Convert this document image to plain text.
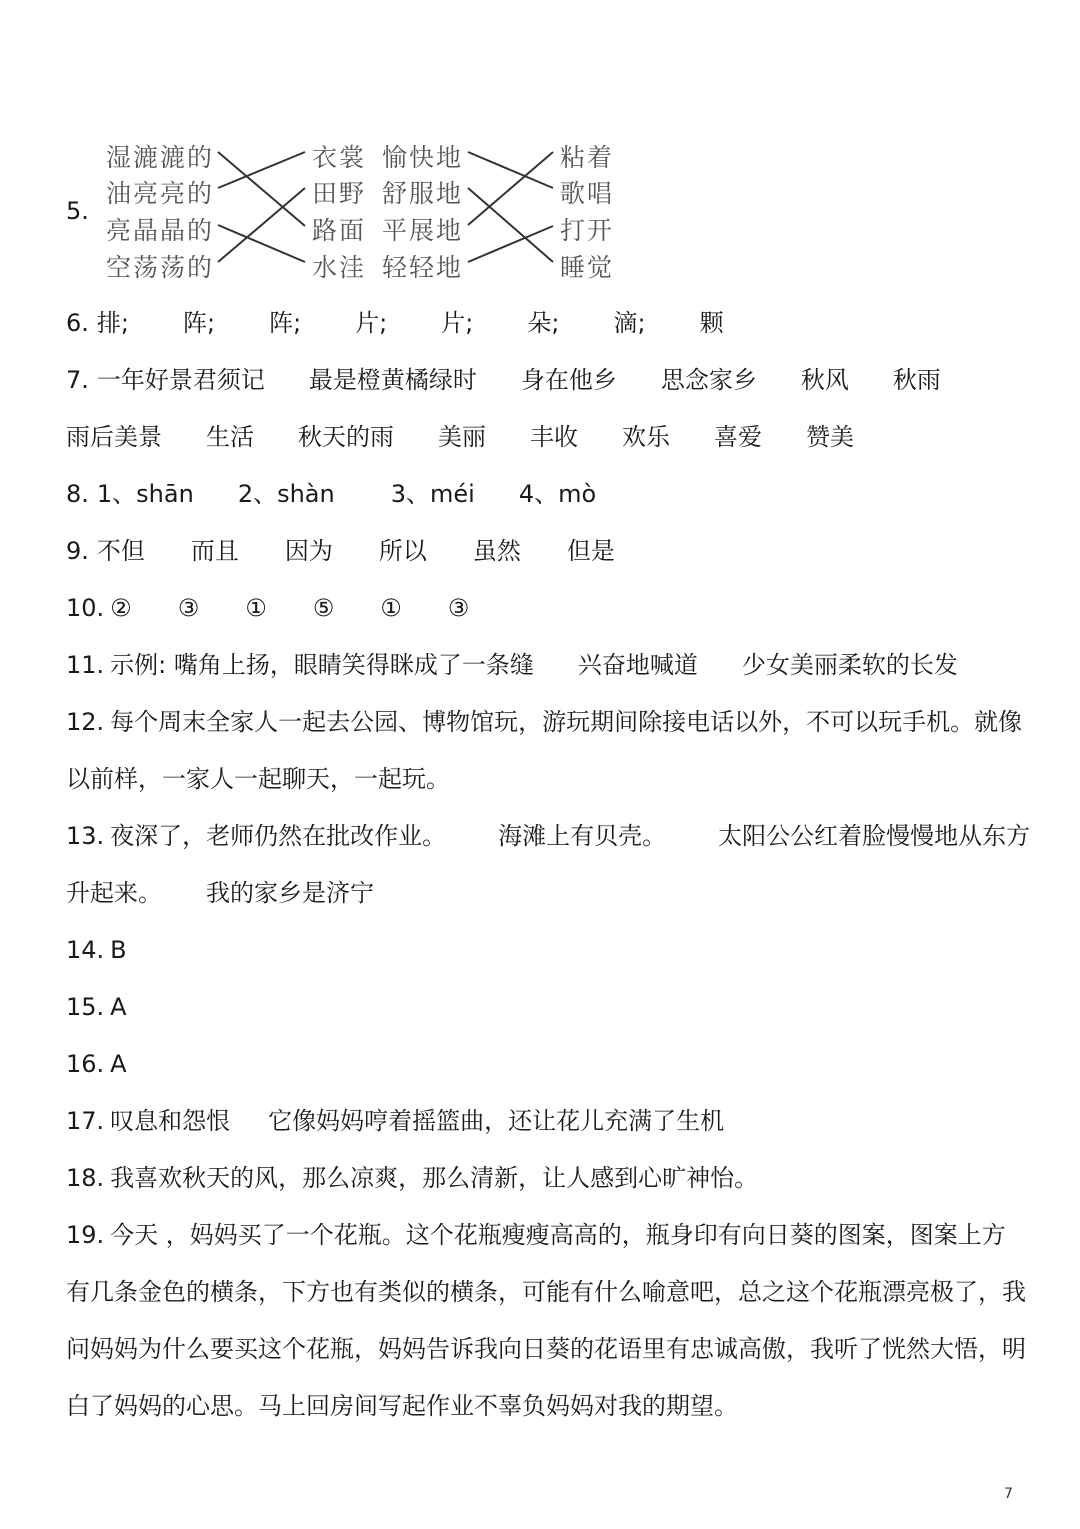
5.
湿漉漉的
油亮亮的
亮晶晶的
空荡荡的
衣裳
田野
路面
水洼
愉快地
舒服地
平展地
轻轻地
粘着
歌唱
打开
睡觉
6. 排; 阵; 阵; 片; 片; 朵; 滴; 颗
7. 一年好景君须记 最是橙黄橘绿时 身在他乡 思念家乡 秋风 秋雨
雨后美景 生活 秋天的雨 美丽 丰收 欢乐 喜爱 赞美
8. 1、shān 2、shàn 3、méi 4、mò
9. 不但 而且 因为 所以 虽然 但是
10. ② ③ ① ⑤ ① ③
11. 示例: 嘴角上扬，眼睛笑得眯成了一条缝 兴奋地喊道 少女美丽柔软的长发
12. 每个周末全家人一起去公园、博物馆玩，游玩期间除接电话以外，不可以玩手机。就像
以前样，一家人一起聊天，一起玩。
13. 夜深了，老师仍然在批改作业。 海滩上有贝壳。 太阳公公红着脸慢慢地从东方
升起来。 我的家乡是济宁
14. B
15. A
16. A
17. 叹息和怨恨 它像妈妈哼着摇篮曲，还让花儿充满了生机
18. 我喜欢秋天的风，那么凉爽，那么清新，让人感到心旷神怡。
19. 今天 ，妈妈买了一个花瓶。这个花瓶瘦瘦高高的，瓶身印有向日葵的图案，图案上方
有几条金色的横条，下方也有类似的横条，可能有什么喻意吧，总之这个花瓶漂亮极了，我
问妈妈为什么要买这个花瓶，妈妈告诉我向日葵的花语里有忠诚高傲，我听了恍然大悟，明
白了妈妈的心思。马上回房间写起作业不辜负妈妈对我的期望。
7
